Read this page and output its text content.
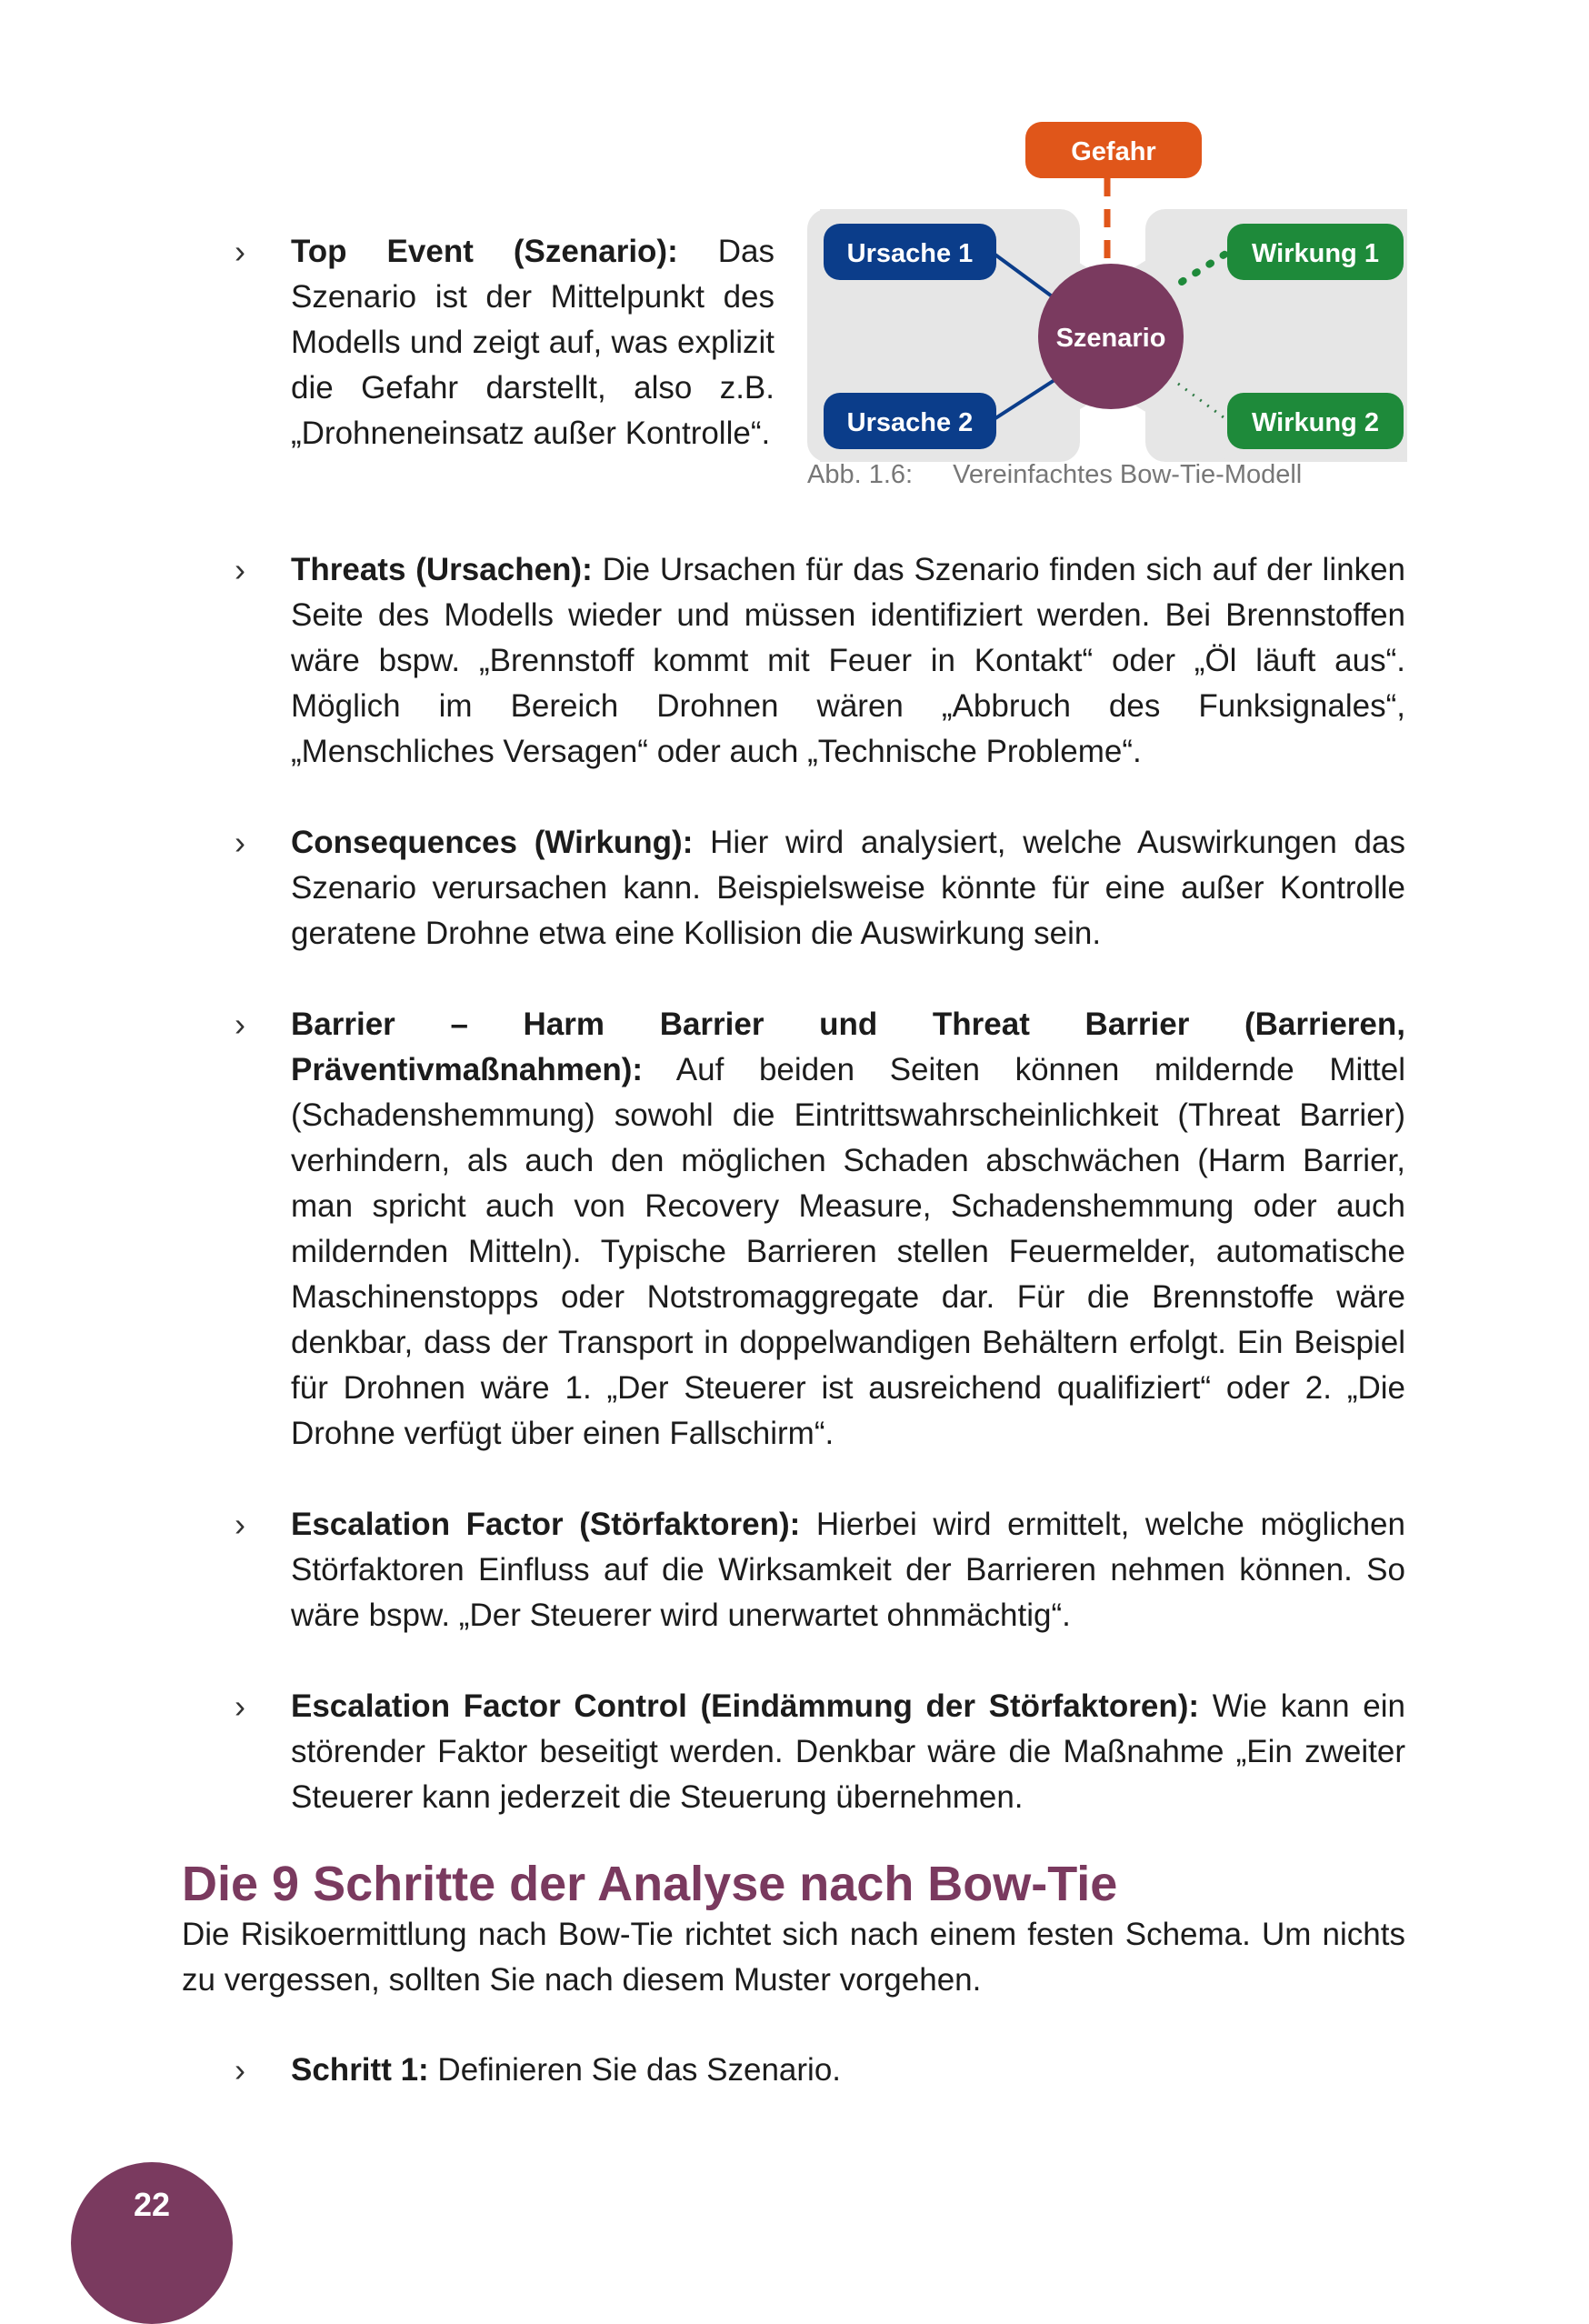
Szenario
Gefahr
Ursache 1
Ursache 2
Wirkung 1
Wirkung 2
Abb. 1.6: Vereinfachtes Bow-Tie-Modell
›	Top Event (Szenario): Das Szenario ist der Mittelpunkt des Modells und zeigt auf, was explizit die Gefahr darstellt, also z.B. „Drohneneinsatz außer Kontrolle“.
›	Threats (Ursachen): Die Ursachen für das Szenario finden sich auf der linken Seite des Modells wieder und müssen identifiziert werden. Bei Brennstoffen wäre bspw. „Brennstoff kommt mit Feuer in Kontakt“ oder „Öl läuft aus“. Möglich im Bereich Drohnen wären „Abbruch des Funksignales“, „Menschliches Versagen“ oder auch „Technische Probleme“.
›	Consequences (Wirkung): Hier wird analysiert, welche Auswirkungen das Szenario verursachen kann. Beispielsweise könnte für eine außer Kontrolle geratene Drohne etwa eine Kollision die Auswirkung sein.
›	Barrier – Harm Barrier und Threat Barrier (Barrieren, Präventivmaßnahmen): Auf beiden Seiten können mildernde Mittel (Schadenshemmung) sowohl die Eintrittswahrscheinlichkeit (Threat Barrier) verhindern, als auch den möglichen Schaden abschwächen (Harm Barrier, man spricht auch von Recovery Measure, Schadenshemmung oder auch mildernden Mitteln). Typische Barrieren stellen Feuermelder, automatische Maschinenstopps oder Notstromaggregate dar. Für die Brennstoffe wäre denkbar, dass der Transport in doppelwandigen Behältern erfolgt. Ein Beispiel für Drohnen wäre 1. „Der Steuerer ist ausreichend qualifiziert“ oder 2. „Die Drohne verfügt über einen Fallschirm“.
›	Escalation Factor (Störfaktoren): Hierbei wird ermittelt, welche möglichen Störfaktoren Einfluss auf die Wirksamkeit der Barrieren nehmen können. So wäre bspw. „Der Steuerer wird unerwartet ohnmächtig“.
›	Escalation Factor Control (Eindämmung der Störfaktoren): Wie kann ein störender Faktor beseitigt werden. Denkbar wäre die Maßnahme „Ein zweiter Steuerer kann jederzeit die Steuerung übernehmen.
Die 9 Schritte der Analyse nach Bow-Tie
Die Risikoermittlung nach Bow-Tie richtet sich nach einem festen Schema. Um nichts zu vergessen, sollten Sie nach diesem Muster vorgehen.
›	Schritt 1: Definieren Sie das Szenario.
22
